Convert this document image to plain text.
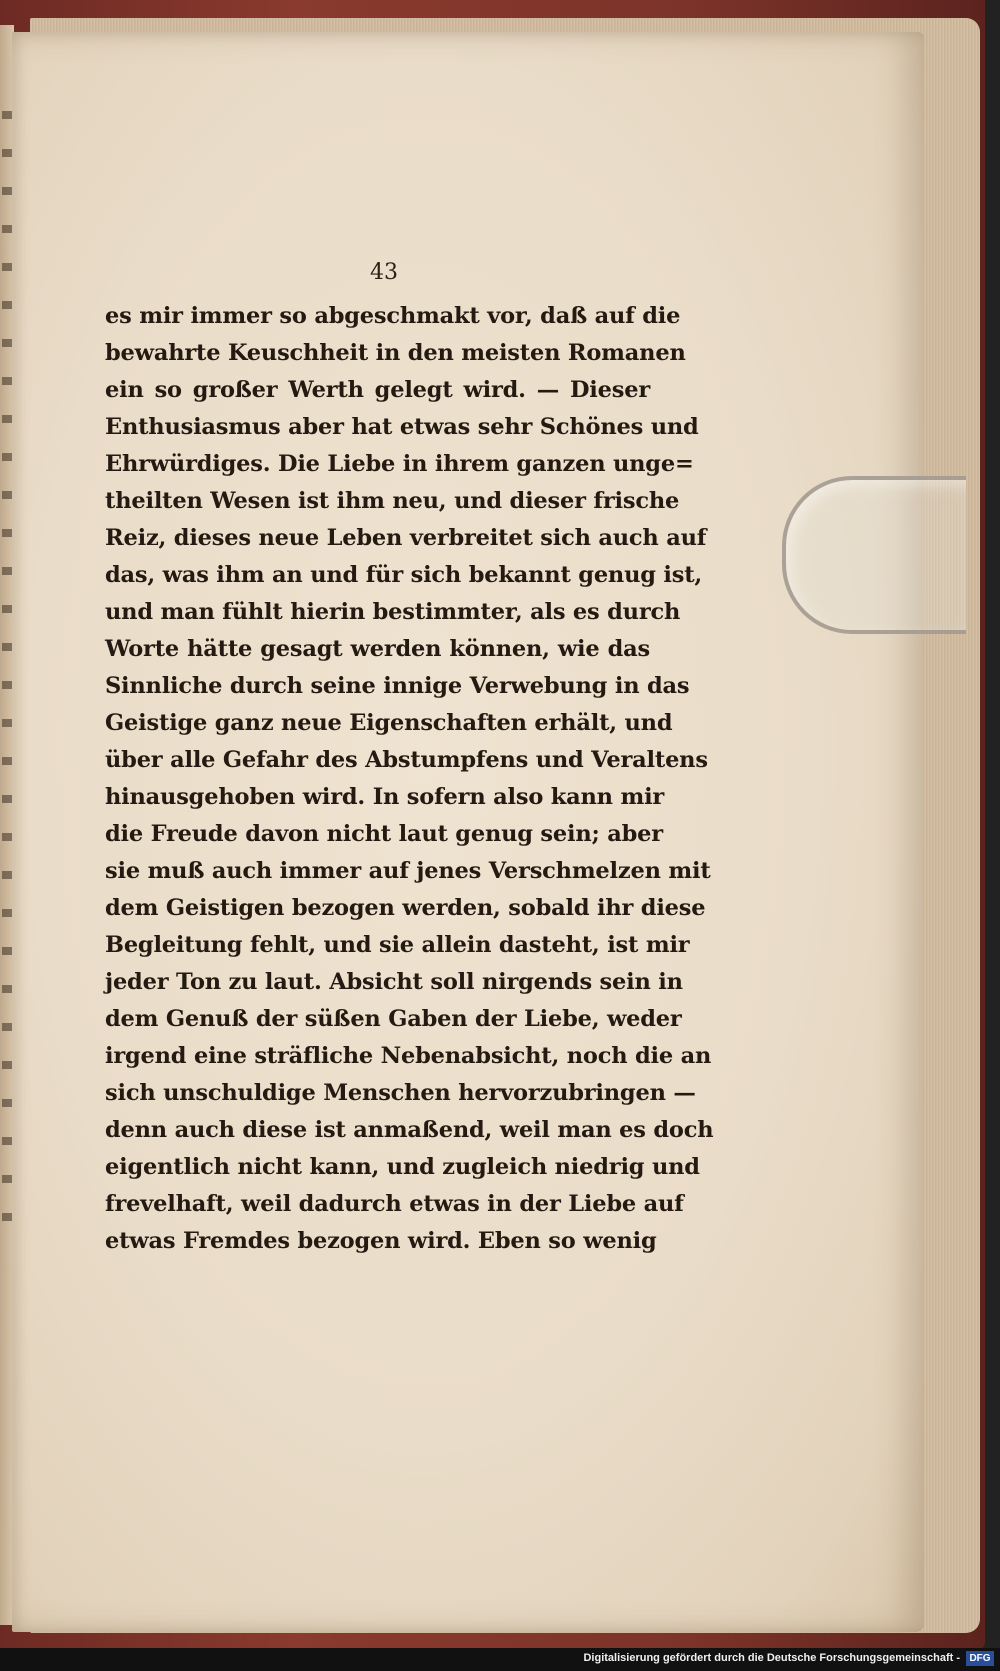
43
es mir immer so abgeschmakt vor, daß auf die
bewahrte Keuschheit in den meisten Romanen
ein so großer Werth gelegt wird. — Dieser
Enthusiasmus aber hat etwas sehr Schönes und
Ehrwürdiges. Die Liebe in ihrem ganzen unge=
theilten Wesen ist ihm neu, und dieser frische
Reiz, dieses neue Leben verbreitet sich auch auf
das, was ihm an und für sich bekannt genug ist,
und man fühlt hierin bestimmter, als es durch
Worte hätte gesagt werden können, wie das
Sinnliche durch seine innige Verwebung in das
Geistige ganz neue Eigenschaften erhält, und
über alle Gefahr des Abstumpfens und Veraltens
hinausgehoben wird. In sofern also kann mir
die Freude davon nicht laut genug sein; aber
sie muß auch immer auf jenes Verschmelzen mit
dem Geistigen bezogen werden, sobald ihr diese
Begleitung fehlt, und sie allein dasteht, ist mir
jeder Ton zu laut. Absicht soll nirgends sein in
dem Genuß der süßen Gaben der Liebe, weder
irgend eine sträfliche Nebenabsicht, noch die an
sich unschuldige Menschen hervorzubringen —
denn auch diese ist anmaßend, weil man es doch
eigentlich nicht kann, und zugleich niedrig und
frevelhaft, weil dadurch etwas in der Liebe auf
etwas Fremdes bezogen wird. Eben so wenig
Digitalisierung gefördert durch die Deutsche Forschungsgemeinschaft - DFG
